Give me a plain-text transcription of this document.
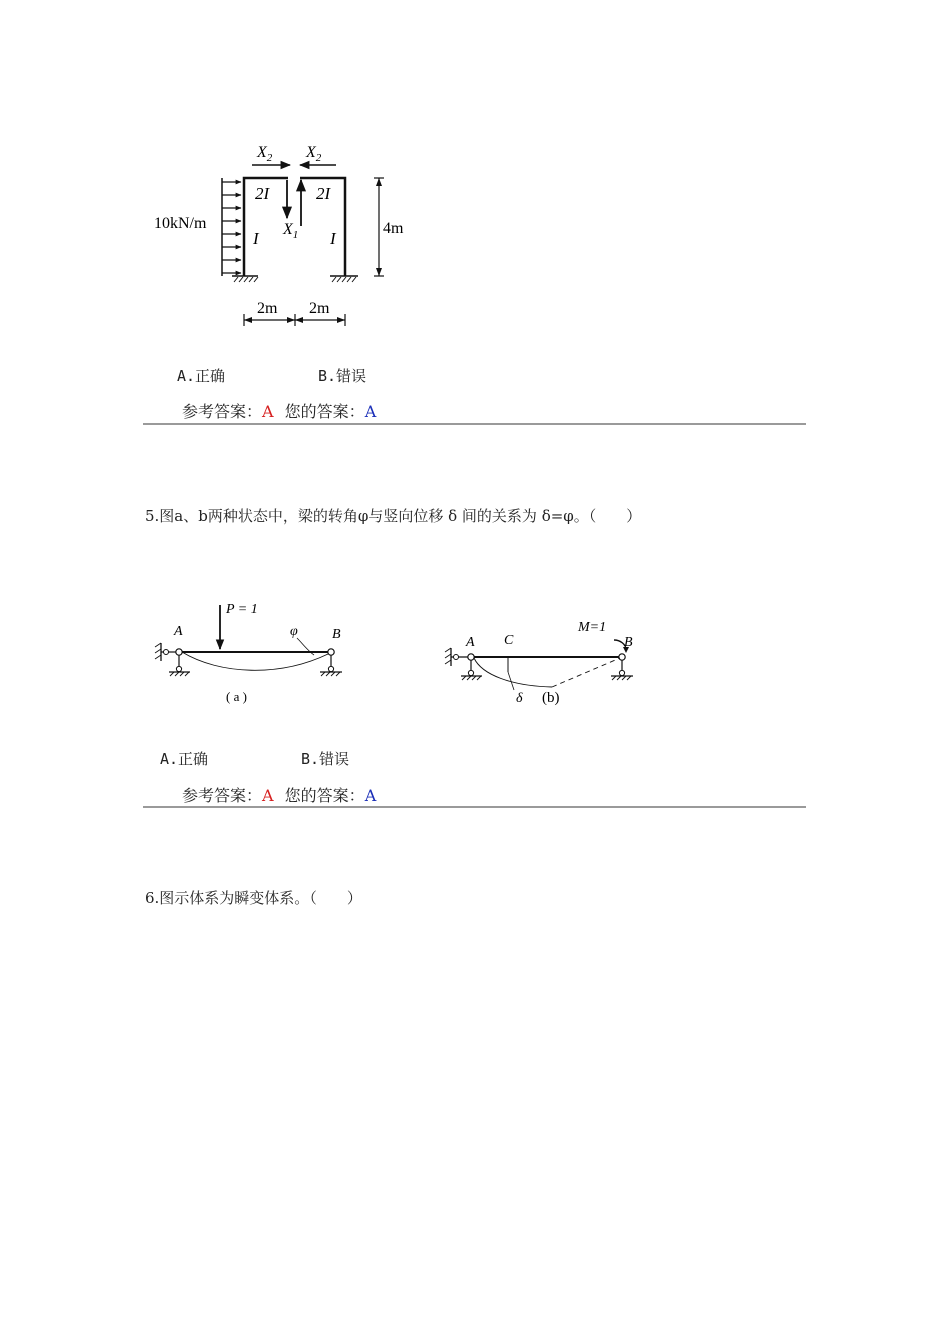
10kN/m
$X_2$ $X_2$
$X_1$
2I	2I
I	I
4m
2m 2m
A.正确	B.错误
参考答案：A 您的答案：A
5.图a、b两种状态中，梁的转角φ与竖向位移 δ 间的关系为 δ=φ。（　　）
P = 1
A	B
φ
( a )
A C
M=1
B
δ (b)
A.正确	B.错误
参考答案：A 您的答案：A
6.图示体系为瞬变体系。（　　）
